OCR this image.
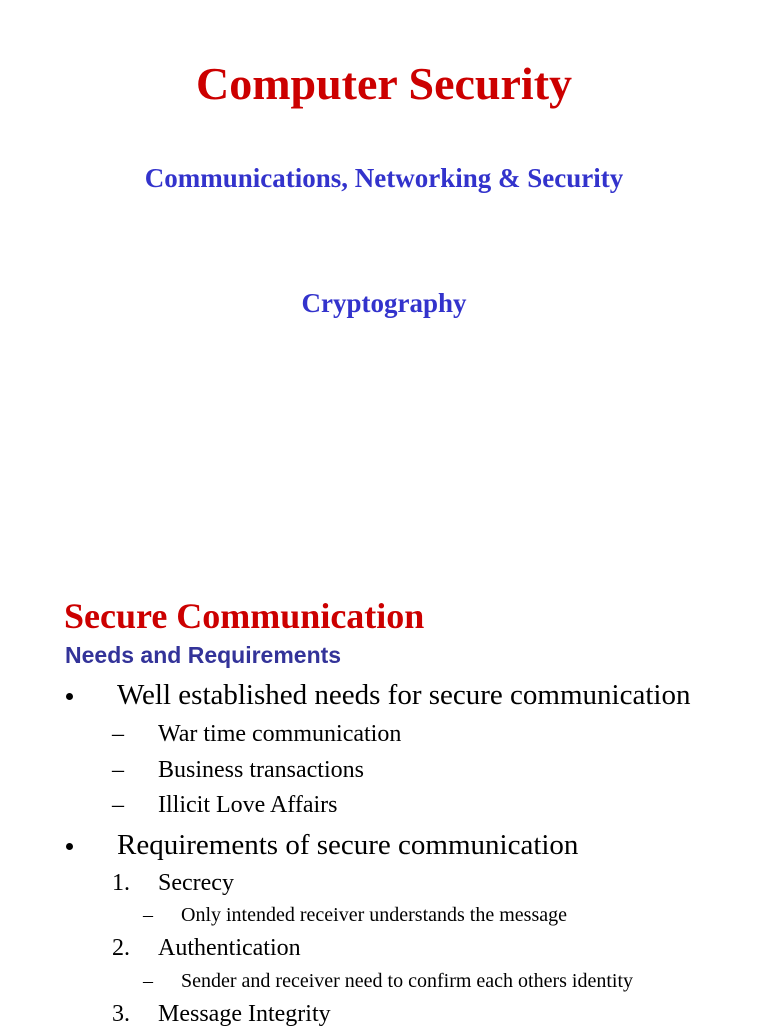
Computer Security
Communications, Networking & Security
Cryptography
Secure Communication
Needs and Requirements
Well established needs for secure communication
– War time communication
– Business transactions
– Illicit Love Affairs
Requirements of secure communication
1. Secrecy
– Only intended receiver understands the message
2. Authentication
– Sender and receiver need to confirm each others identity
3. Message Integrity
